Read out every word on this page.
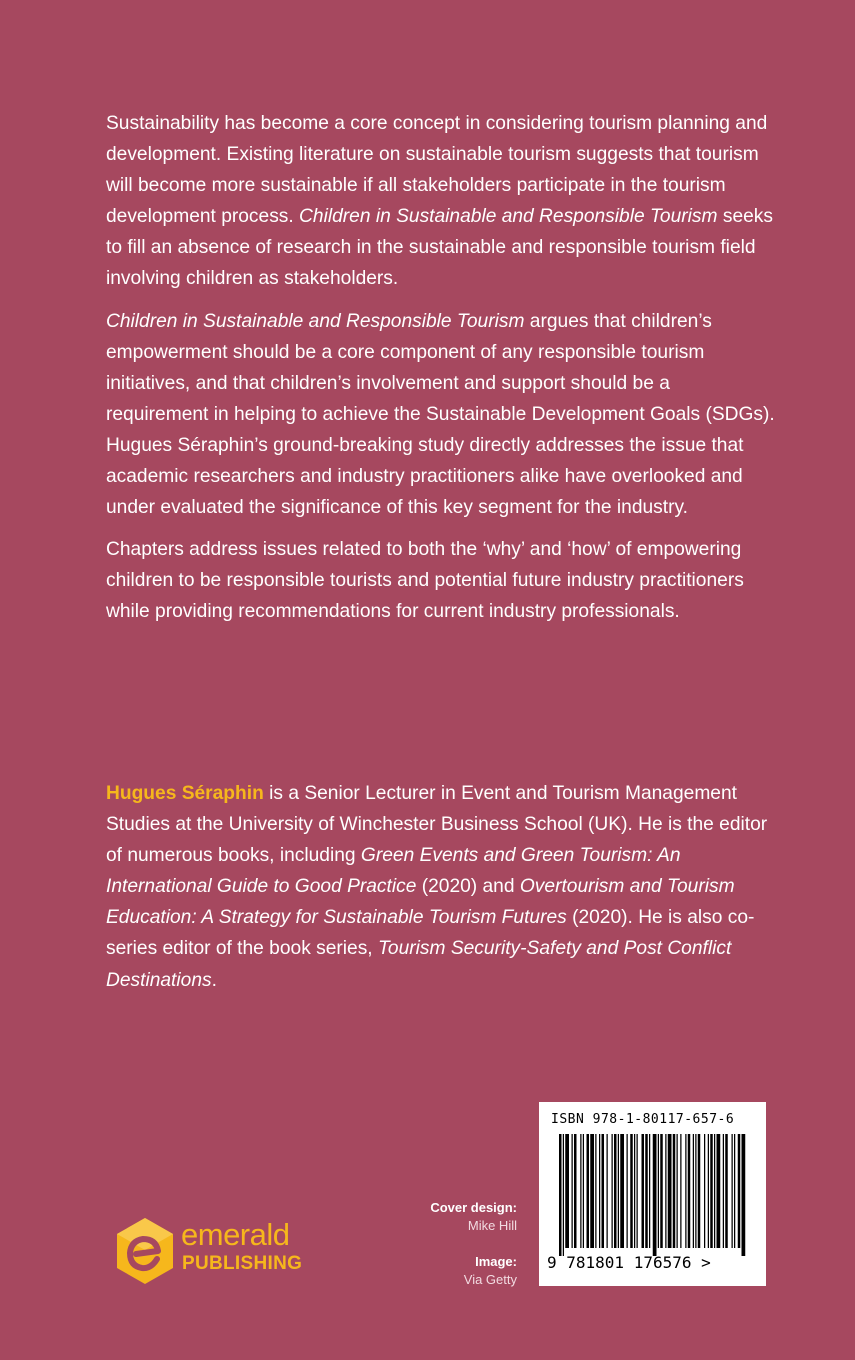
Sustainability has become a core concept in considering tourism planning and development. Existing literature on sustainable tourism suggests that tourism will become more sustainable if all stakeholders participate in the tourism development process. Children in Sustainable and Responsible Tourism seeks to fill an absence of research in the sustainable and responsible tourism field involving children as stakeholders.

Children in Sustainable and Responsible Tourism argues that children’s empowerment should be a core component of any responsible tourism initiatives, and that children’s involvement and support should be a requirement in helping to achieve the Sustainable Development Goals (SDGs). Hugues Séraphin’s ground-breaking study directly addresses the issue that academic researchers and industry practitioners alike have overlooked and under evaluated the significance of this key segment for the industry.

Chapters address issues related to both the ‘why’ and ‘how’ of empowering children to be responsible tourists and potential future industry practitioners while providing recommendations for current industry professionals.

Hugues Séraphin is a Senior Lecturer in Event and Tourism Management Studies at the University of Winchester Business School (UK). He is the editor of numerous books, including Green Events and Green Tourism: An International Guide to Good Practice (2020) and Overtourism and Tourism Education: A Strategy for Sustainable Tourism Futures (2020). He is also co-series editor of the book series, Tourism Security-Safety and Post Conflict Destinations.

emerald
PUBLISHING
Cover design:
Mike Hill
Image:
Via Getty
ISBN 978-1-80117-657-6
9 781801 176576 >
